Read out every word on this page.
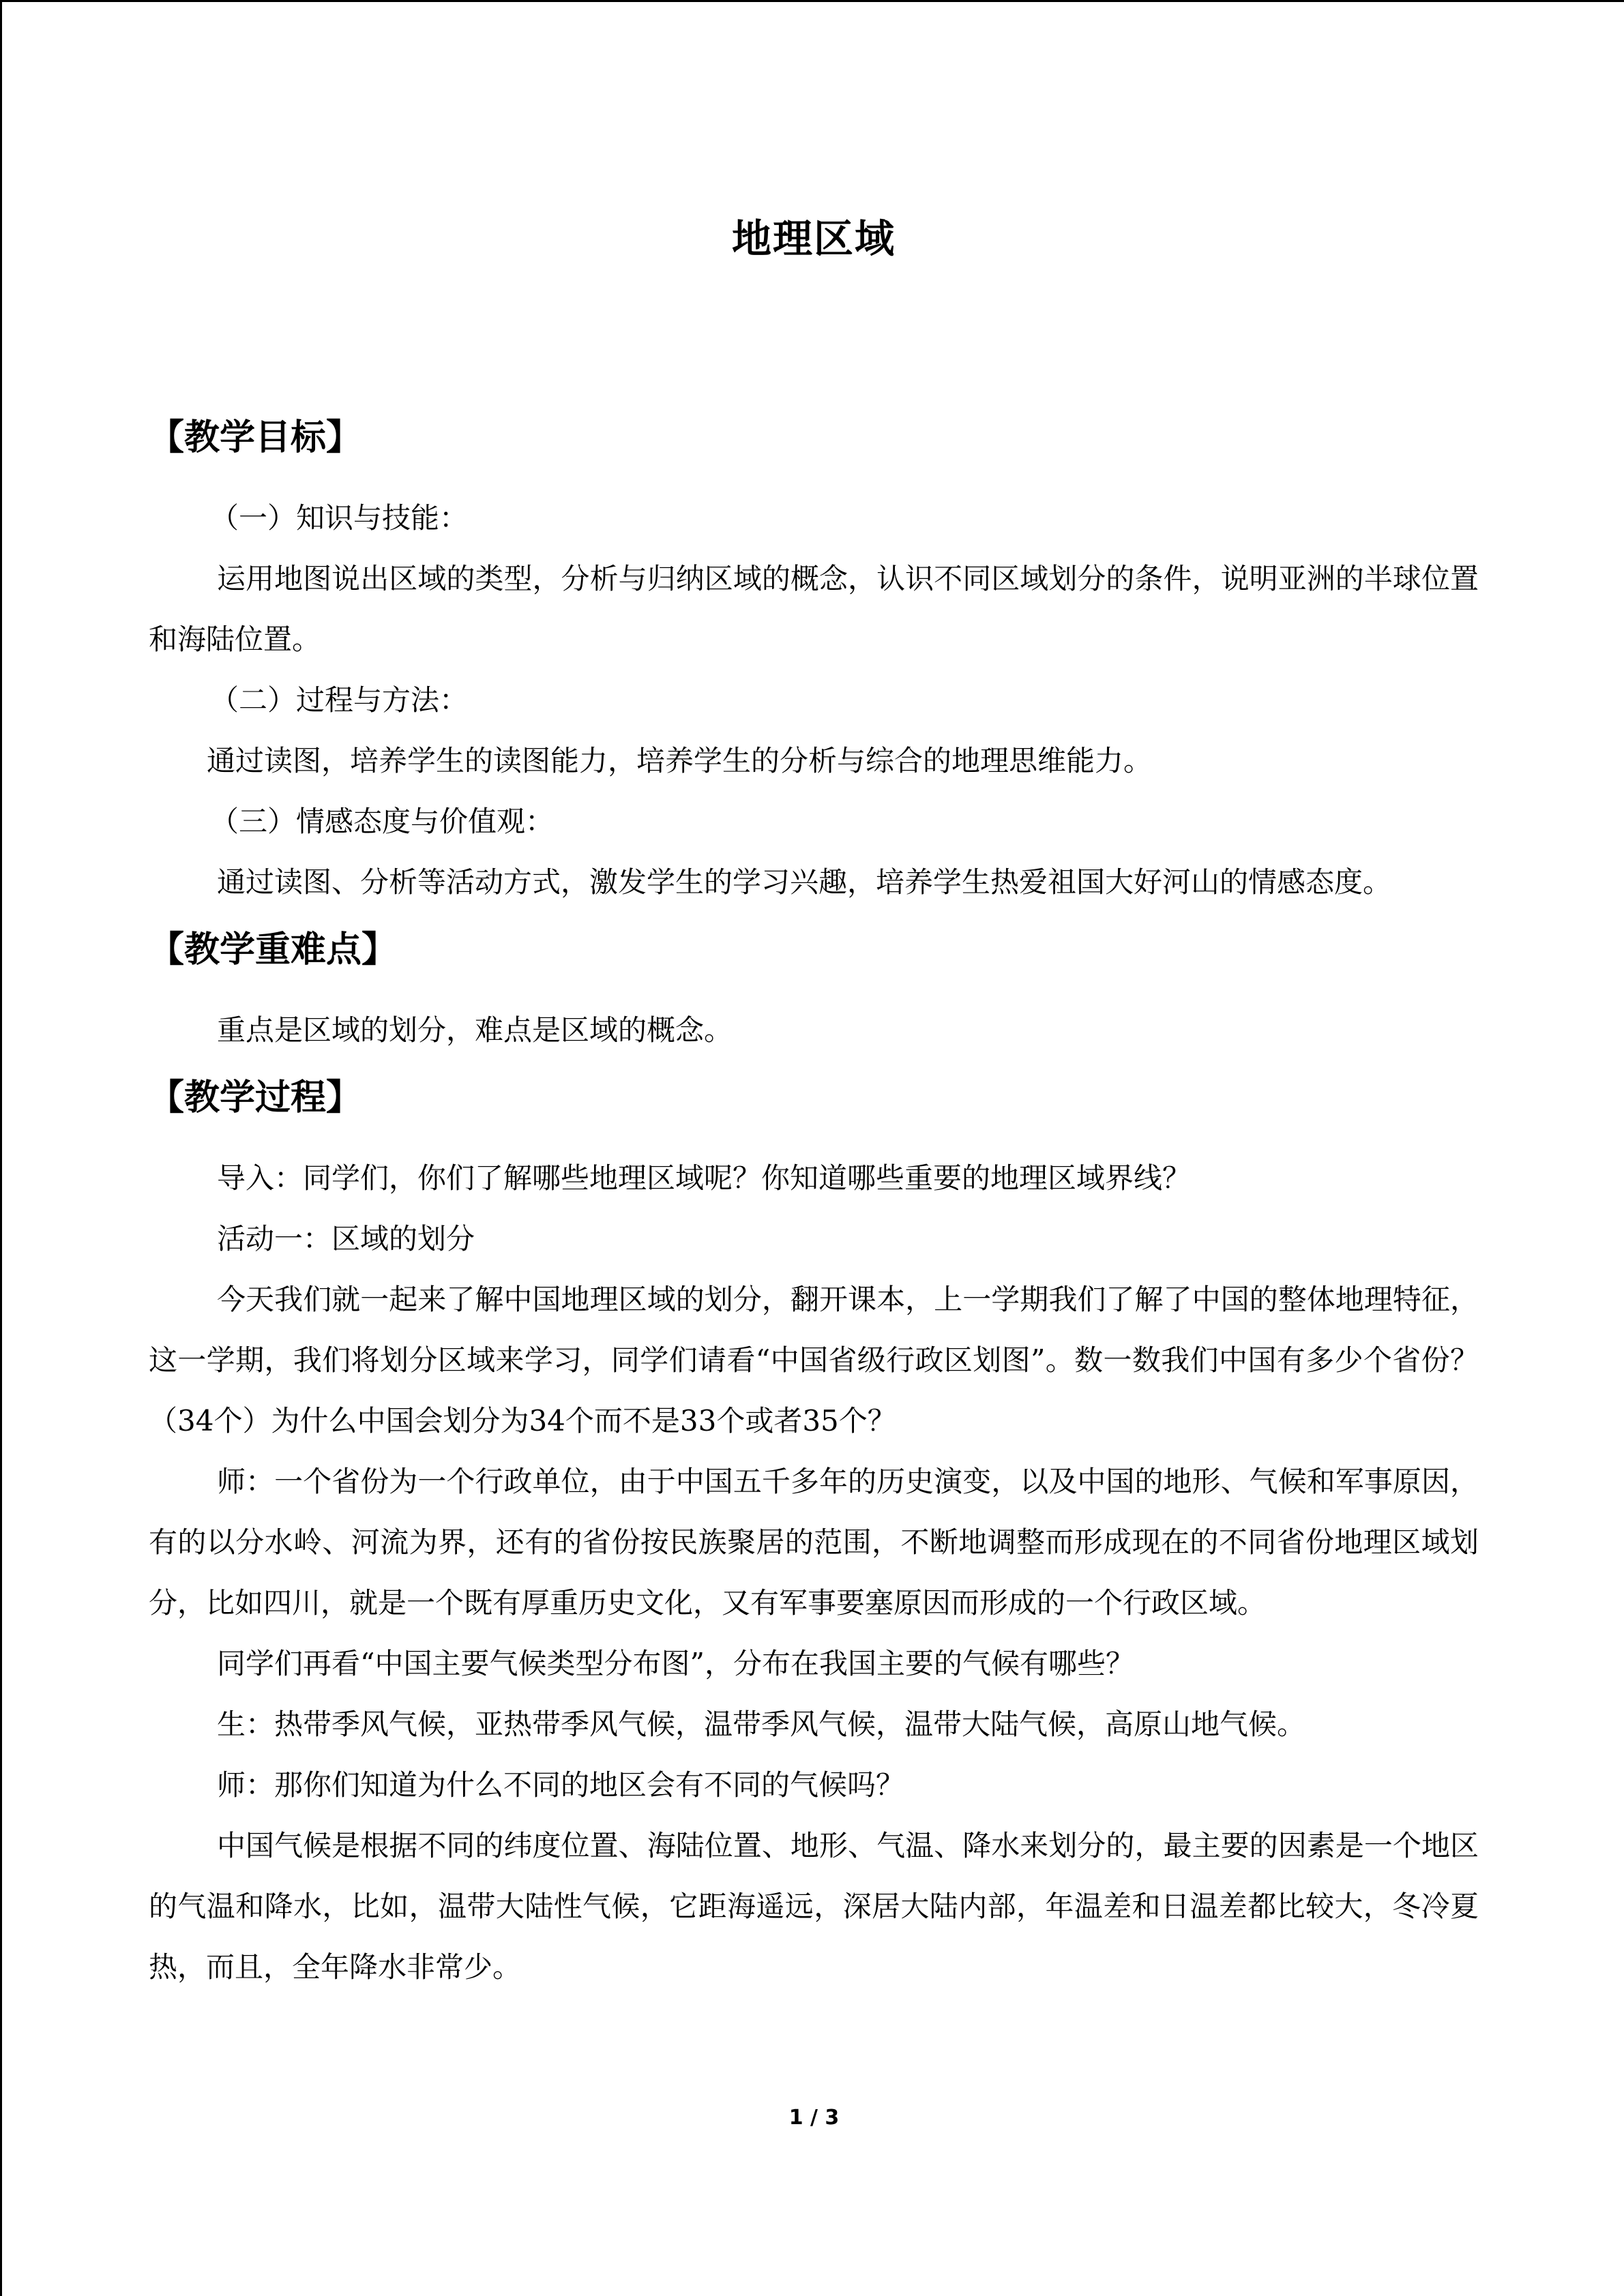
地理区域
【教学目标】

（一）知识与技能：

运用地图说出区域的类型，分析与归纳区域的概念，认识不同区域划分的条件，说明亚洲的半球位置和海陆位置。

（二）过程与方法：

通过读图，培养学生的读图能力，培养学生的分析与综合的地理思维能力。

（三）情感态度与价值观：

通过读图、分析等活动方式，激发学生的学习兴趣，培养学生热爱祖国大好河山的情感态度。

【教学重难点】

重点是区域的划分，难点是区域的概念。

【教学过程】

导入：同学们，你们了解哪些地理区域呢？你知道哪些重要的地理区域界线？

活动一：区域的划分

今天我们就一起来了解中国地理区域的划分，翻开课本，上一学期我们了解了中国的整体地理特征，这一学期，我们将划分区域来学习，同学们请看“中国省级行政区划图”。数一数我们中国有多少个省份？（34个）为什么中国会划分为34个而不是33个或者35个？

师：一个省份为一个行政单位，由于中国五千多年的历史演变，以及中国的地形、气候和军事原因，有的以分水岭、河流为界，还有的省份按民族聚居的范围，不断地调整而形成现在的不同省份地理区域划分，比如四川，就是一个既有厚重历史文化，又有军事要塞原因而形成的一个行政区域。

同学们再看“中国主要气候类型分布图”，分布在我国主要的气候有哪些？

生：热带季风气候，亚热带季风气候，温带季风气候，温带大陆气候，高原山地气候。

师：那你们知道为什么不同的地区会有不同的气候吗？

中国气候是根据不同的纬度位置、海陆位置、地形、气温、降水来划分的，最主要的因素是一个地区的气温和降水，比如，温带大陆性气候，它距海遥远，深居大陆内部，年温差和日温差都比较大，冬冷夏热，而且，全年降水非常少。

1 / 3
